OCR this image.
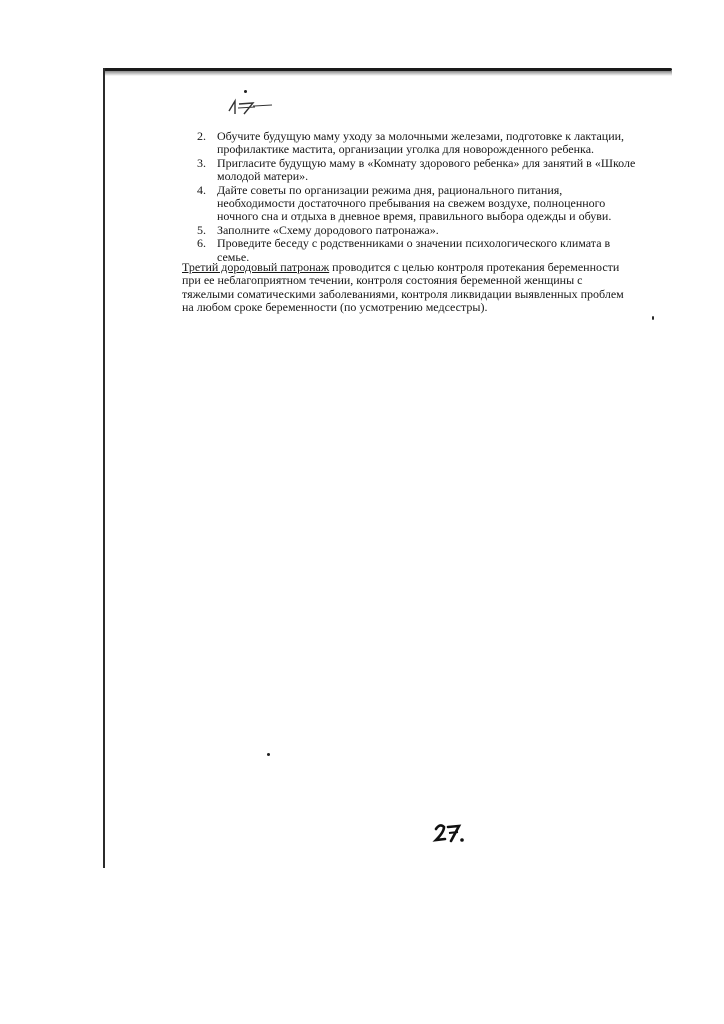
2. Обучите будущую маму уходу за молочными железами, подготовке к лактации, профилактике мастита, организации уголка для новорожденного ребенка.
3. Пригласите будущую маму в «Комнату здорового ребенка» для занятий в «Школе молодой матери».
4. Дайте советы по организации режима дня, рационального питания, необходимости достаточного пребывания на свежем воздухе, полноценного ночного сна и отдыха в дневное время, правильного выбора одежды и обуви.
5. Заполните «Схему дородового патронажа».
6. Проведите беседу с родственниками о значении психологического климата в семье.

Третий дородовый патронаж проводится с целью контроля протекания беременности при ее неблагоприятном течении, контроля состояния беременной женщины с тяжелыми соматическими заболеваниями, контроля ликвидации выявленных проблем на любом сроке беременности (по усмотрению медсестры).
